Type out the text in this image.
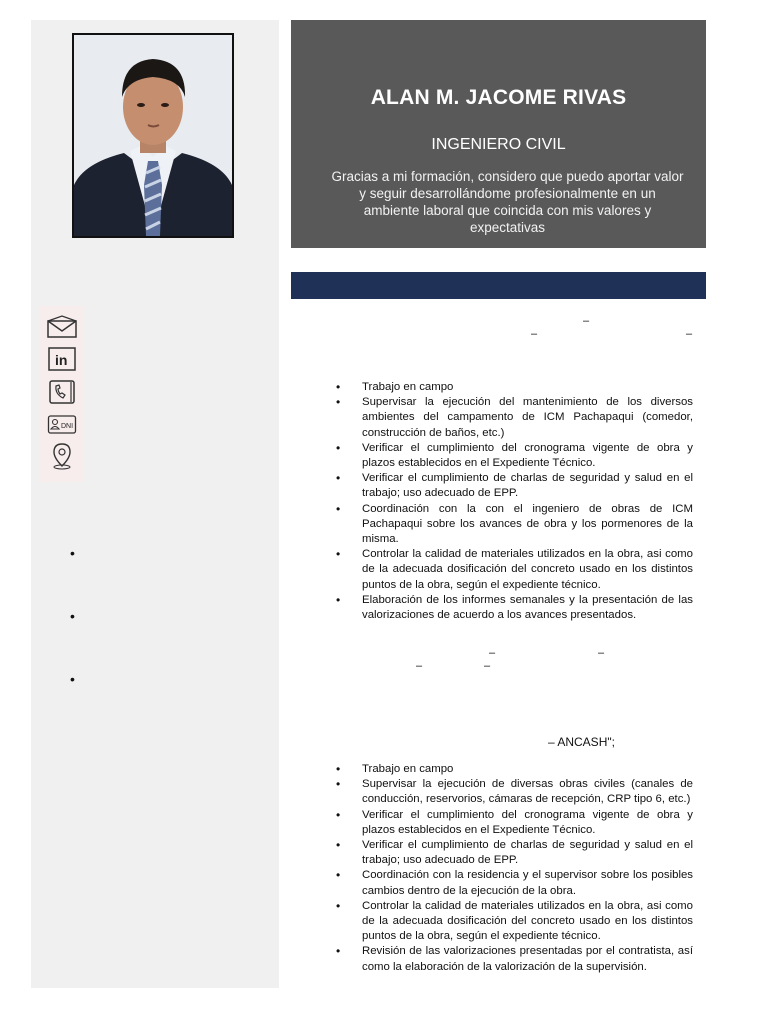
in
DNI
•
•
•
ALAN M. JACOME RIVAS
INGENIERO CIVIL
Gracias a mi formación, considero que puedo aportar valor y seguir desarrollándome profesionalmente en un ambiente laboral que coincida con mis valores y expectativas
–
–	–
• Trabajo en campo
• Supervisar la ejecución del mantenimiento de los diversos ambientes del campamento de ICM Pachapaqui (comedor, construcción de baños, etc.)
• Verificar el cumplimiento del cronograma vigente de obra y plazos establecidos en el Expediente Técnico.
• Verificar el cumplimiento de charlas de seguridad y salud en el trabajo; uso adecuado de EPP.
• Coordinación con la con el ingeniero de obras de ICM Pachapaqui sobre los avances de obra y los pormenores de la misma.
• Controlar la calidad de materiales utilizados en la obra, asi como de la adecuada dosificación del concreto usado en los distintos puntos de la obra, según el expediente técnico.
• Elaboración de los informes semanales y la presentación de las valorizaciones de acuerdo a los avances presentados.
–	–
–	–
– ANCASH";
• Trabajo en campo
• Supervisar la ejecución de diversas obras civiles (canales de conducción, reservorios, cámaras de recepción, CRP tipo 6, etc.)
• Verificar el cumplimiento del cronograma vigente de obra y plazos establecidos en el Expediente Técnico.
• Verificar el cumplimiento de charlas de seguridad y salud en el trabajo; uso adecuado de EPP.
• Coordinación con la residencia y el supervisor sobre los posibles cambios dentro de la ejecución de la obra.
• Controlar la calidad de materiales utilizados en la obra, asi como de la adecuada dosificación del concreto usado en los distintos puntos de la obra, según el expediente técnico.
• Revisión de las valorizaciones presentadas por el contratista, así como la elaboración de la valorización de la supervisión.
